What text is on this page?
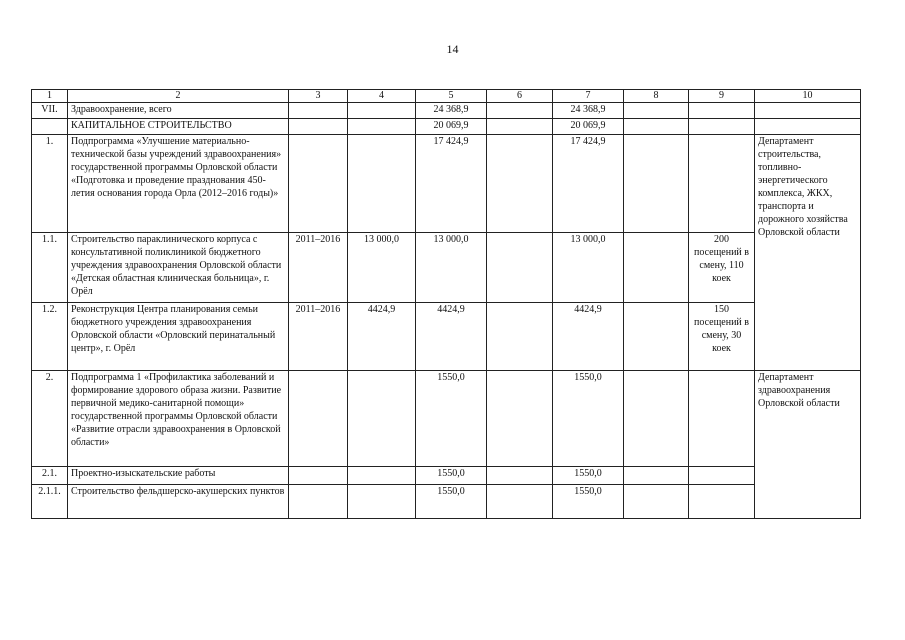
14
1	2	3	4	5	6	7	8	9	10
VII.	Здравоохранение, всего			24 368,9		24 368,9			
	КАПИТАЛЬНОЕ СТРОИТЕЛЬСТВО			20 069,9		20 069,9			
1.	Подпрограмма «Улучшение материально-технической базы учреждений здравоохранения» государственной программы Орловской области «Подготовка и проведение празднования 450-летия основания города Орла (2012–2016 годы)»			17 424,9		17 424,9			Департамент строительства, топливно-энергетического комплекса, ЖКХ, транспорта и дорожного хозяйства Орловской области
1.1.	Строительство параклинического корпуса с консультативной поликлиникой бюджетного учреждения здравоохранения Орловской области «Детская областная клиническая больница», г. Орёл	2011–2016	13 000,0	13 000,0		13 000,0		200 посещений в смену, 110 коек	
1.2.	Реконструкция Центра планирования семьи бюджетного учреждения здравоохранения Орловской области «Орловский перинатальный центр», г. Орёл	2011–2016	4424,9	4424,9		4424,9		150 посещений в смену, 30 коек	
2.	Подпрограмма 1 «Профилактика заболеваний и формирование здорового образа жизни. Развитие первичной медико-санитарной помощи» государственной программы Орловской области «Развитие отрасли здравоохранения в Орловской области»			1550,0		1550,0			Департамент здравоохранения Орловской области
2.1.	Проектно-изыскательские работы			1550,0		1550,0			
2.1.1.	Строительство фельдшерско-акушерских пунктов			1550,0		1550,0			
